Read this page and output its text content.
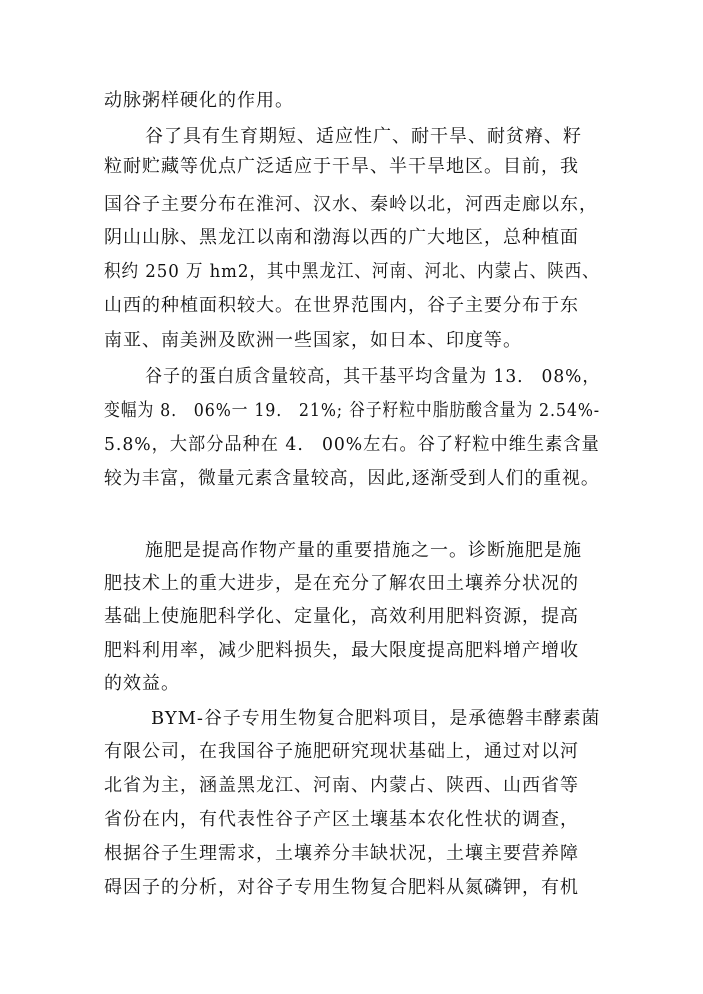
动脉粥样硬化的作用。
谷了具有生育期短、适应性广、耐干旱、耐贫瘠、籽
粒耐贮藏等优点广泛适应于干旱、半干旱地区。目前，我
国谷子主要分布在淮河、汉水、秦岭以北，河西走廊以东，
阴山山脉、黑龙江以南和渤海以西的广大地区，总种植面
积约 250 万 hm2，其中黑龙江、河南、河北、内蒙占、陕西、
山西的种植面积较大。在世界范围内，谷子主要分布于东
南亚、南美洲及欧洲一些国家，如日本、印度等。
谷子的蛋白质含量较高，其干基平均含量为 13.　08%，
变幅为 8.　06%一 19.　21%; 谷子籽粒中脂肪酸含量为 2.54%-
5.8%，大部分品种在 4.　00%左右。谷了籽粒中维生素含量
较为丰富，微量元素含量较高，因此,逐渐受到人们的重视。
施肥是提高作物产量的重要措施之一。诊断施肥是施
肥技术上的重大进步，是在充分了解农田土壤养分状况的
基础上使施肥科学化、定量化，高效利用肥料资源，提高
肥料利用率，减少肥料损失，最大限度提高肥料增产增收
的效益。
BYM-谷子专用生物复合肥料项目，是承德磐丰酵素菌
有限公司，在我国谷子施肥研究现状基础上，通过对以河
北省为主，涵盖黑龙江、河南、内蒙占、陕西、山西省等
省份在内，有代表性谷子产区土壤基本农化性状的调查，
根据谷子生理需求，土壤养分丰缺状况，土壤主要营养障
碍因子的分析，对谷子专用生物复合肥料从氮磷钾，有机
